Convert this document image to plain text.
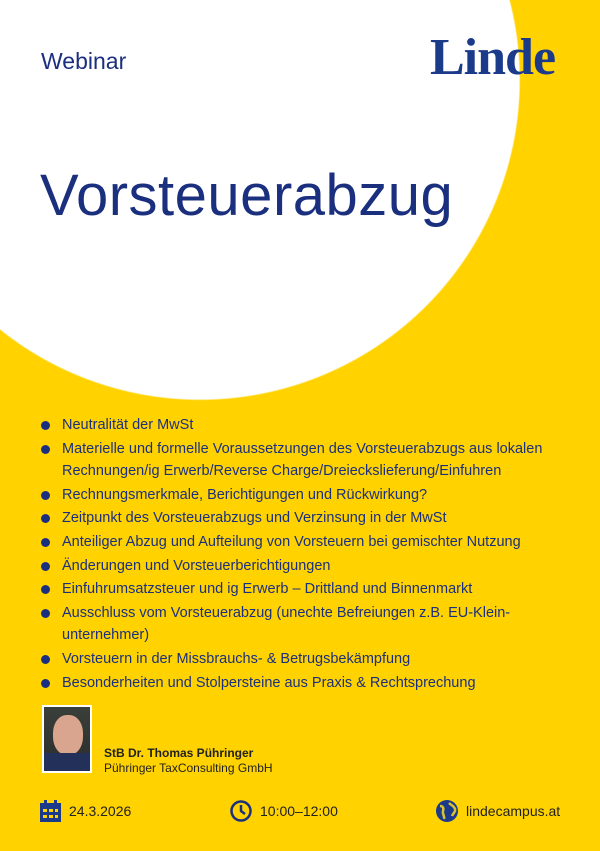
Webinar	Linde
Vorsteuerabzug
Neutralität der MwSt
Materielle und formelle Voraussetzungen des Vorsteuerabzugs aus lokalen Rechnungen/ig Erwerb/Reverse Charge/Dreieckslieferung/Einfuhren
Rechnungsmerkmale, Berichtigungen und Rückwirkung?
Zeitpunkt des Vorsteuerabzugs und Verzinsung in der MwSt
Anteiliger Abzug und Aufteilung von Vorsteuern bei gemischter Nutzung
Änderungen und Vorsteuerberichtigungen
Einfuhrumsatzsteuer und ig Erwerb – Drittland und Binnenmarkt
Ausschluss vom Vorsteuerabzug (unechte Befreiungen z.B. EU-Kleinunternehmer)
Vorsteuern in der Missbrauchs- & Betrugsbekämpfung
Besonderheiten und Stolpersteine aus Praxis & Rechtsprechung
StB Dr. Thomas Pühringer
Pühringer TaxConsulting GmbH
24.3.2026	10:00–12:00	lindecampus.at
